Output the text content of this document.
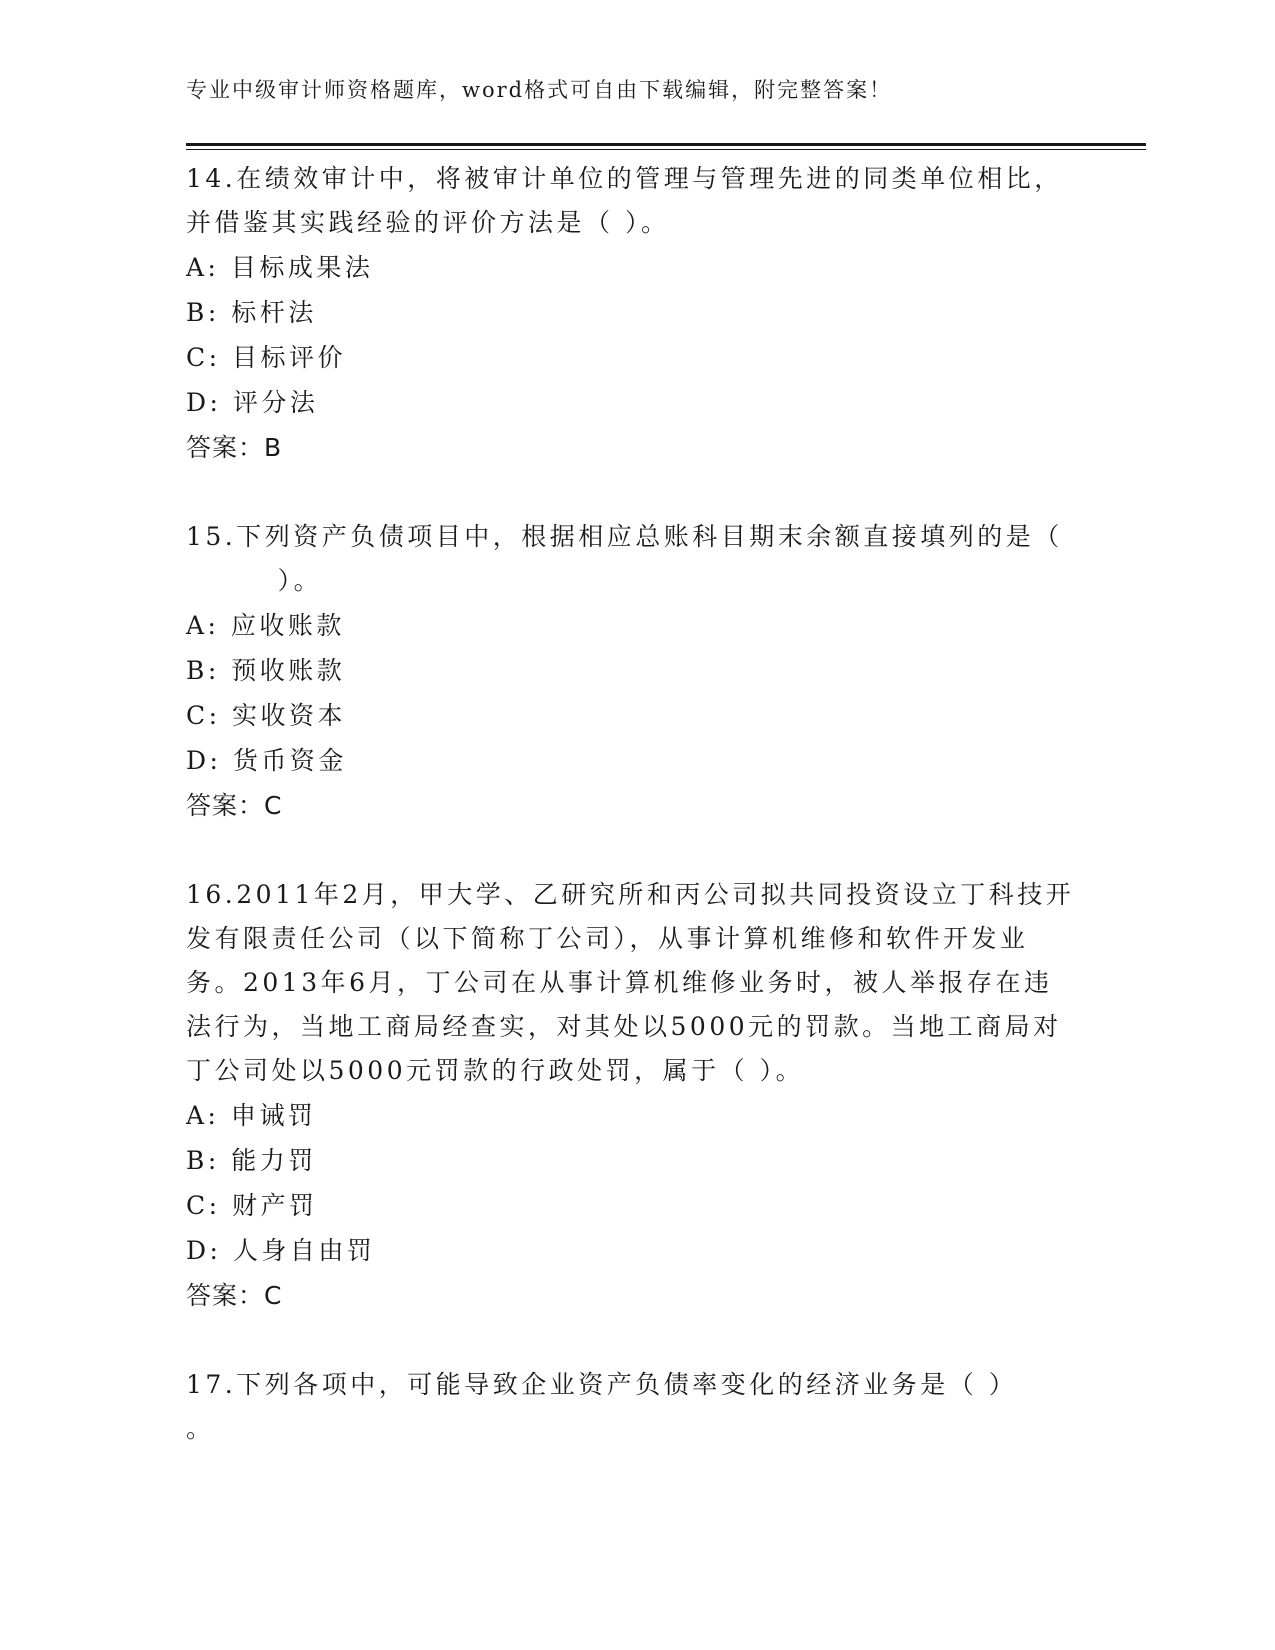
专业中级审计师资格题库，word格式可自由下载编辑，附完整答案！

14.在绩效审计中，将被审计单位的管理与管理先进的同类单位相比，
并借鉴其实践经验的评价方法是（ ）。

A: 目标成果法

B: 标杆法

C: 目标评价

D: 评分法

答案：B

15.下列资产负债项目中，根据相应总账科目期末余额直接填列的是（
）。

A: 应收账款

B: 预收账款

C: 实收资本

D: 货币资金

答案：C

16.2011年2月，甲大学、乙研究所和丙公司拟共同投资设立丁科技开
发有限责任公司（以下简称丁公司），从事计算机维修和软件开发业
务。2013年6月，丁公司在从事计算机维修业务时，被人举报存在违
法行为，当地工商局经查实，对其处以5000元的罚款。当地工商局对
丁公司处以5000元罚款的行政处罚，属于（ ）。

A: 申诫罚

B: 能力罚

C: 财产罚

D: 人身自由罚

答案：C

17.下列各项中，可能导致企业资产负债率变化的经济业务是（ ）
。
